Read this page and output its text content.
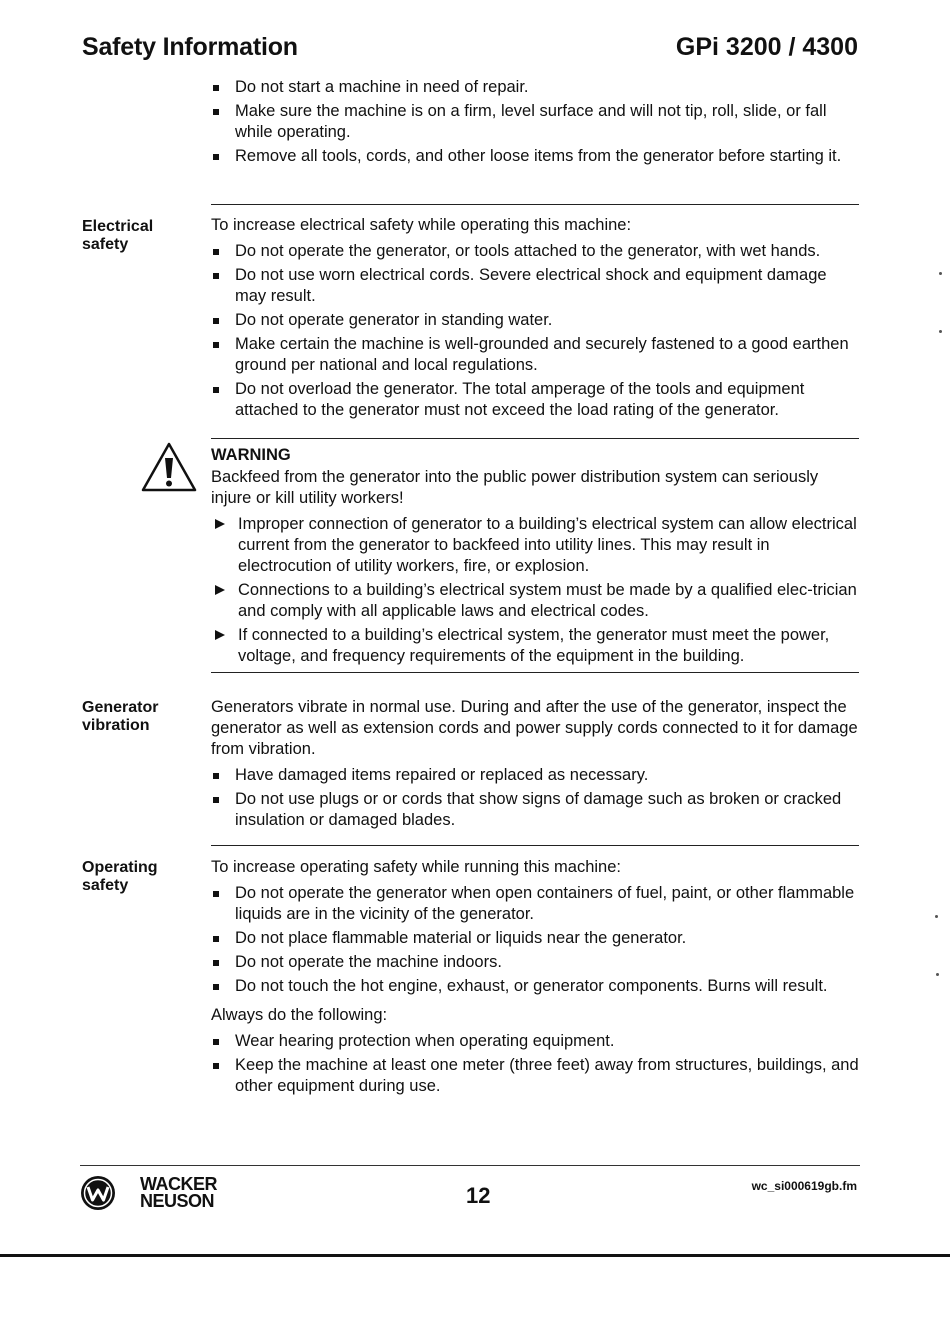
Safety Information	GPi 3200 / 4300
Do not start a machine in need of repair.
Make sure the machine is on a firm, level surface and will not tip, roll, slide, or fall while operating.
Remove all tools, cords, and other loose items from the generator before starting it.
Electrical
safety

To increase electrical safety while operating this machine:

Do not operate the generator, or tools attached to the generator, with wet hands.
Do not use worn electrical cords. Severe electrical shock and equipment damage may result.
Do not operate generator in standing water.
Make certain the machine is well-grounded and securely fastened to a good earthen ground per national and local regulations.
Do not overload the generator. The total amperage of the tools and equipment attached to the generator must not exceed the load rating of the generator.
WARNING

Backfeed from the generator into the public power distribution system can seriously injure or kill utility workers!

Improper connection of generator to a building’s electrical system can allow electrical current from the generator to backfeed into utility lines. This may result in electrocution of utility workers, fire, or explosion.
Connections to a building’s electrical system must be made by a qualified elec-trician and comply with all applicable laws and electrical codes.
If connected to a building’s electrical system, the generator must meet the power, voltage, and frequency requirements of the equipment in the building.
Generator
vibration

Generators vibrate in normal use. During and after the use of the generator, inspect the generator as well as extension cords and power supply cords connected to it for damage from vibration.

Have damaged items repaired or replaced as necessary.
Do not use plugs or or cords that show signs of damage such as broken or cracked insulation or damaged blades.
Operating
safety

To increase operating safety while running this machine:

Do not operate the generator when open containers of fuel, paint, or other flammable liquids are in the vicinity of the generator.
Do not place flammable material or liquids near the generator.
Do not operate the machine indoors.
Do not touch the hot engine, exhaust, or generator components. Burns will result.

Always do the following:

Wear hearing protection when operating equipment.
Keep the machine at least one meter (three feet) away from structures, buildings, and other equipment during use.
WACKER
NEUSON	12	wc_si000619gb.fm
